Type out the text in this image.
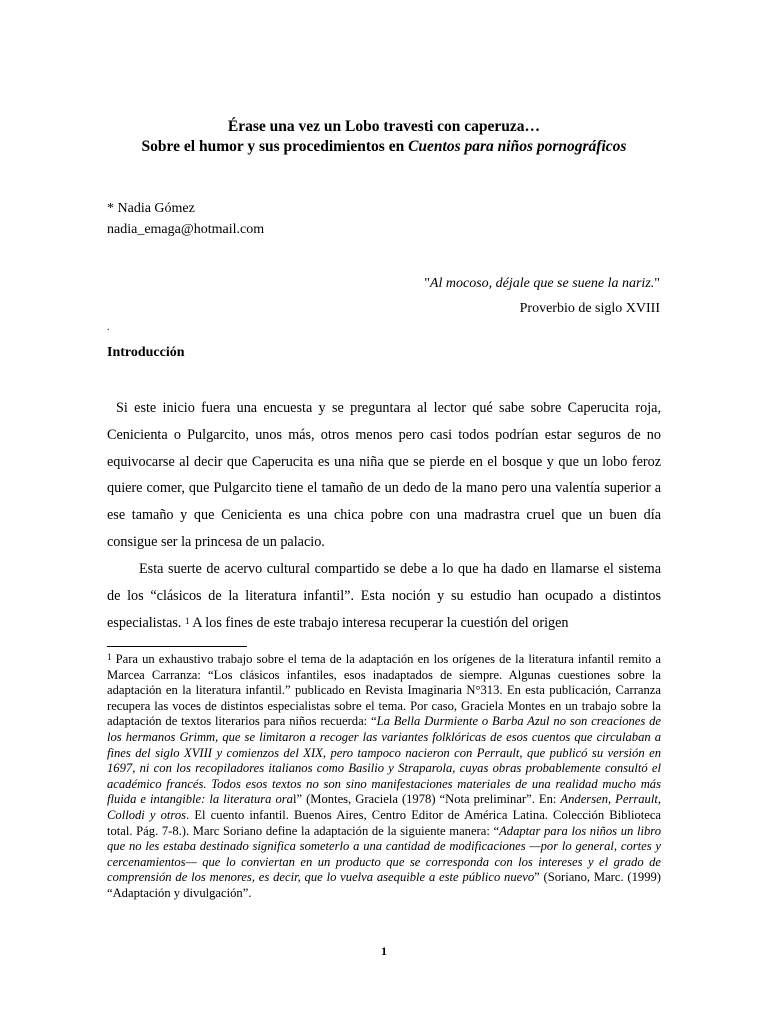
Érase una vez un Lobo travesti con caperuza…
Sobre el humor y sus procedimientos en Cuentos para niños pornográficos
* Nadia Gómez
nadia_emaga@hotmail.com
"Al mocoso, déjale que se suene la nariz."
Proverbio de siglo XVIII
.
Introducción
Si este inicio fuera una encuesta y se preguntara al lector qué sabe sobre Caperucita roja, Cenicienta o Pulgarcito, unos más, otros menos pero casi todos podrían estar seguros de no equivocarse al decir que Caperucita es una niña que se pierde en el bosque y que un lobo feroz quiere comer, que Pulgarcito tiene el tamaño de un dedo de la mano pero una valentía superior a ese tamaño y que Cenicienta es una chica pobre con una madrastra cruel que un buen día consigue ser la princesa de un palacio.
Esta suerte de acervo cultural compartido se debe a lo que ha dado en llamarse el sistema de los “clásicos de la literatura infantil”. Esta noción y su estudio han ocupado a distintos especialistas. $^1$ A los fines de este trabajo interesa recuperar la cuestión del origen
$^1$ Para un exhaustivo trabajo sobre el tema de la adaptación en los orígenes de la literatura infantil remito a Marcea Carranza: “Los clásicos infantiles, esos inadaptados de siempre. Algunas cuestiones sobre la adaptación en la literatura infantil.” publicado en Revista Imaginaria N°313. En esta publicación, Carranza recupera las voces de distintos especialistas sobre el tema. Por caso, Graciela Montes en un trabajo sobre la adaptación de textos literarios para niños recuerda: “La Bella Durmiente o Barba Azul no son creaciones de los hermanos Grimm, que se limitaron a recoger las variantes folklóricas de esos cuentos que circulaban a fines del siglo XVIII y comienzos del XIX, pero tampoco nacieron con Perrault, que publicó su versión en 1697, ni con los recopiladores italianos como Basilio y Straparola, cuyas obras probablemente consultó el académico francés. Todos esos textos no son sino manifestaciones materiales de una realidad mucho más fluida e intangible: la literatura oral” (Montes, Graciela (1978) “Nota preliminar”. En: Andersen, Perrault, Collodi y otros. El cuento infantil. Buenos Aires, Centro Editor de América Latina. Colección Biblioteca total. Pág. 7-8.). Marc Soriano define la adaptación de la siguiente manera: “Adaptar para los niños un libro que no les estaba destinado significa someterlo a una cantidad de modificaciones —por lo general, cortes y cercenamientos— que lo conviertan en un producto que se corresponda con los intereses y el grado de comprensión de los menores, es decir, que lo vuelva asequible a este público nuevo” (Soriano, Marc. (1999) “Adaptación y divulgación”.
1
